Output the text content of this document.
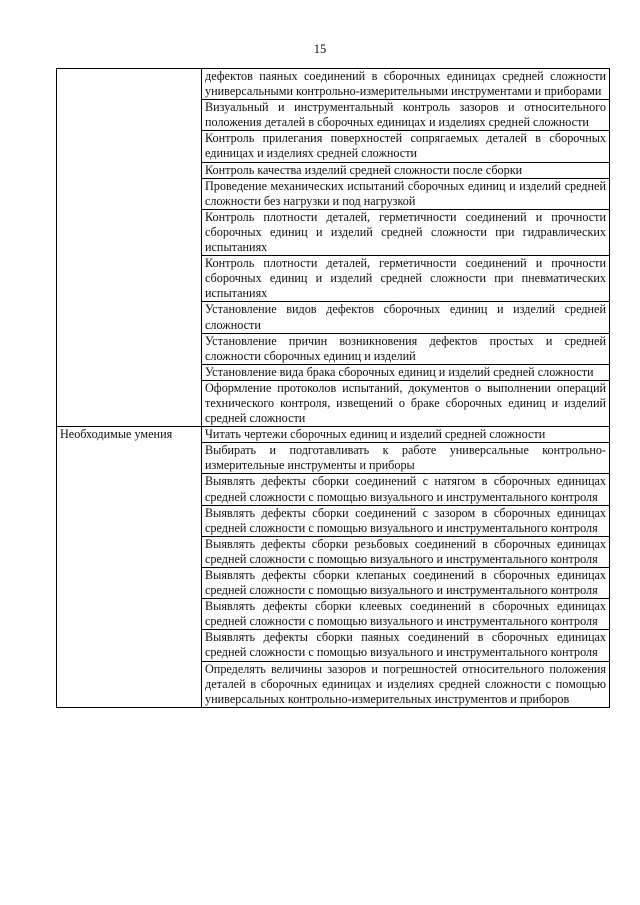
15
	дефектов паяных соединений в сборочных единицах средней сложности универсальными контрольно-измерительными инструментами и приборами
	Визуальный и инструментальный контроль зазоров и относительного положения деталей в сборочных единицах и изделиях средней сложности
	Контроль прилегания поверхностей сопрягаемых деталей в сборочных единицах и изделиях средней сложности
	Контроль качества изделий средней сложности после сборки
	Проведение механических испытаний сборочных единиц и изделий средней сложности без нагрузки и под нагрузкой
	Контроль плотности деталей, герметичности соединений и прочности сборочных единиц и изделий средней сложности при гидравлических испытаниях
	Контроль плотности деталей, герметичности соединений и прочности сборочных единиц и изделий средней сложности при пневматических испытаниях
	Установление видов дефектов сборочных единиц и изделий средней сложности
	Установление причин возникновения дефектов простых и средней сложности сборочных единиц и изделий
	Установление вида брака сборочных единиц и изделий средней сложности
	Оформление протоколов испытаний, документов о выполнении операций технического контроля, извещений о браке сборочных единиц и изделий средней сложности
Необходимые умения	Читать чертежи сборочных единиц и изделий средней сложности
	Выбирать и подготавливать к работе универсальные контрольно-измерительные инструменты и приборы
	Выявлять дефекты сборки соединений с натягом в сборочных единицах средней сложности с помощью визуального и инструментального контроля
	Выявлять дефекты сборки соединений с зазором в сборочных единицах средней сложности с помощью визуального и инструментального контроля
	Выявлять дефекты сборки резьбовых соединений в сборочных единицах средней сложности с помощью визуального и инструментального контроля
	Выявлять дефекты сборки клепаных соединений в сборочных единицах средней сложности с помощью визуального и инструментального контроля
	Выявлять дефекты сборки клеевых соединений в сборочных единицах средней сложности с помощью визуального и инструментального контроля
	Выявлять дефекты сборки паяных соединений в сборочных единицах средней сложности с помощью визуального и инструментального контроля
	Определять величины зазоров и погрешностей относительного положения деталей в сборочных единицах и изделиях средней сложности с помощью универсальных контрольно-измерительных инструментов и приборов
